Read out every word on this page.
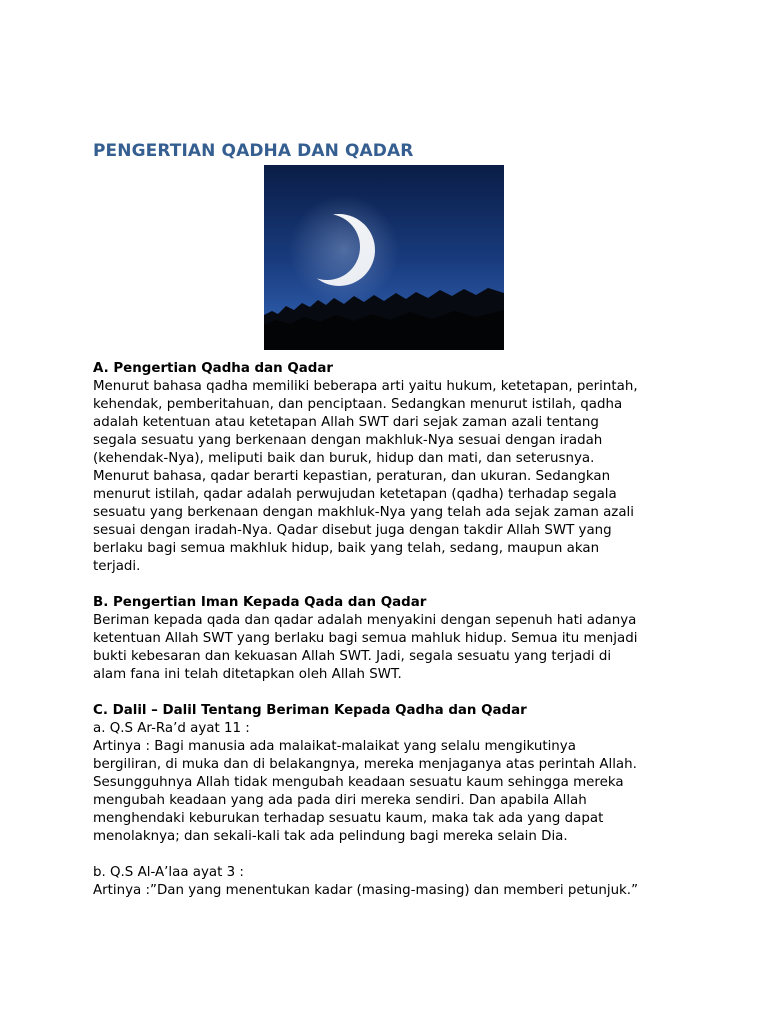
PENGERTIAN QADHA DAN QADAR
A. Pengertian Qadha dan Qadar
Menurut bahasa qadha memiliki beberapa arti yaitu hukum, ketetapan, perintah,
kehendak, pemberitahuan, dan penciptaan. Sedangkan menurut istilah, qadha
adalah ketentuan atau ketetapan Allah SWT dari sejak zaman azali tentang
segala sesuatu yang berkenaan dengan makhluk-Nya sesuai dengan iradah
(kehendak-Nya), meliputi baik dan buruk, hidup dan mati, dan seterusnya.
Menurut bahasa, qadar berarti kepastian, peraturan, dan ukuran. Sedangkan
menurut istilah, qadar adalah perwujudan ketetapan (qadha) terhadap segala
sesuatu yang berkenaan dengan makhluk-Nya yang telah ada sejak zaman azali
sesuai dengan iradah-Nya. Qadar disebut juga dengan takdir Allah SWT yang
berlaku bagi semua makhluk hidup, baik yang telah, sedang, maupun akan
terjadi.
B. Pengertian Iman Kepada Qada dan Qadar
Beriman kepada qada dan qadar adalah menyakini dengan sepenuh hati adanya
ketentuan Allah SWT yang berlaku bagi semua mahluk hidup. Semua itu menjadi
bukti kebesaran dan kekuasan Allah SWT. Jadi, segala sesuatu yang terjadi di
alam fana ini telah ditetapkan oleh Allah SWT.
C. Dalil – Dalil Tentang Beriman Kepada Qadha dan Qadar
a. Q.S Ar-Ra’d ayat 11 :
Artinya : Bagi manusia ada malaikat-malaikat yang selalu mengikutinya
bergiliran, di muka dan di belakangnya, mereka menjaganya atas perintah Allah.
Sesungguhnya Allah tidak mengubah keadaan sesuatu kaum sehingga mereka
mengubah keadaan yang ada pada diri mereka sendiri. Dan apabila Allah
menghendaki keburukan terhadap sesuatu kaum, maka tak ada yang dapat
menolaknya; dan sekali-kali tak ada pelindung bagi mereka selain Dia.
b. Q.S Al-A’laa ayat 3 :
Artinya :”Dan yang menentukan kadar (masing-masing) dan memberi petunjuk.”
